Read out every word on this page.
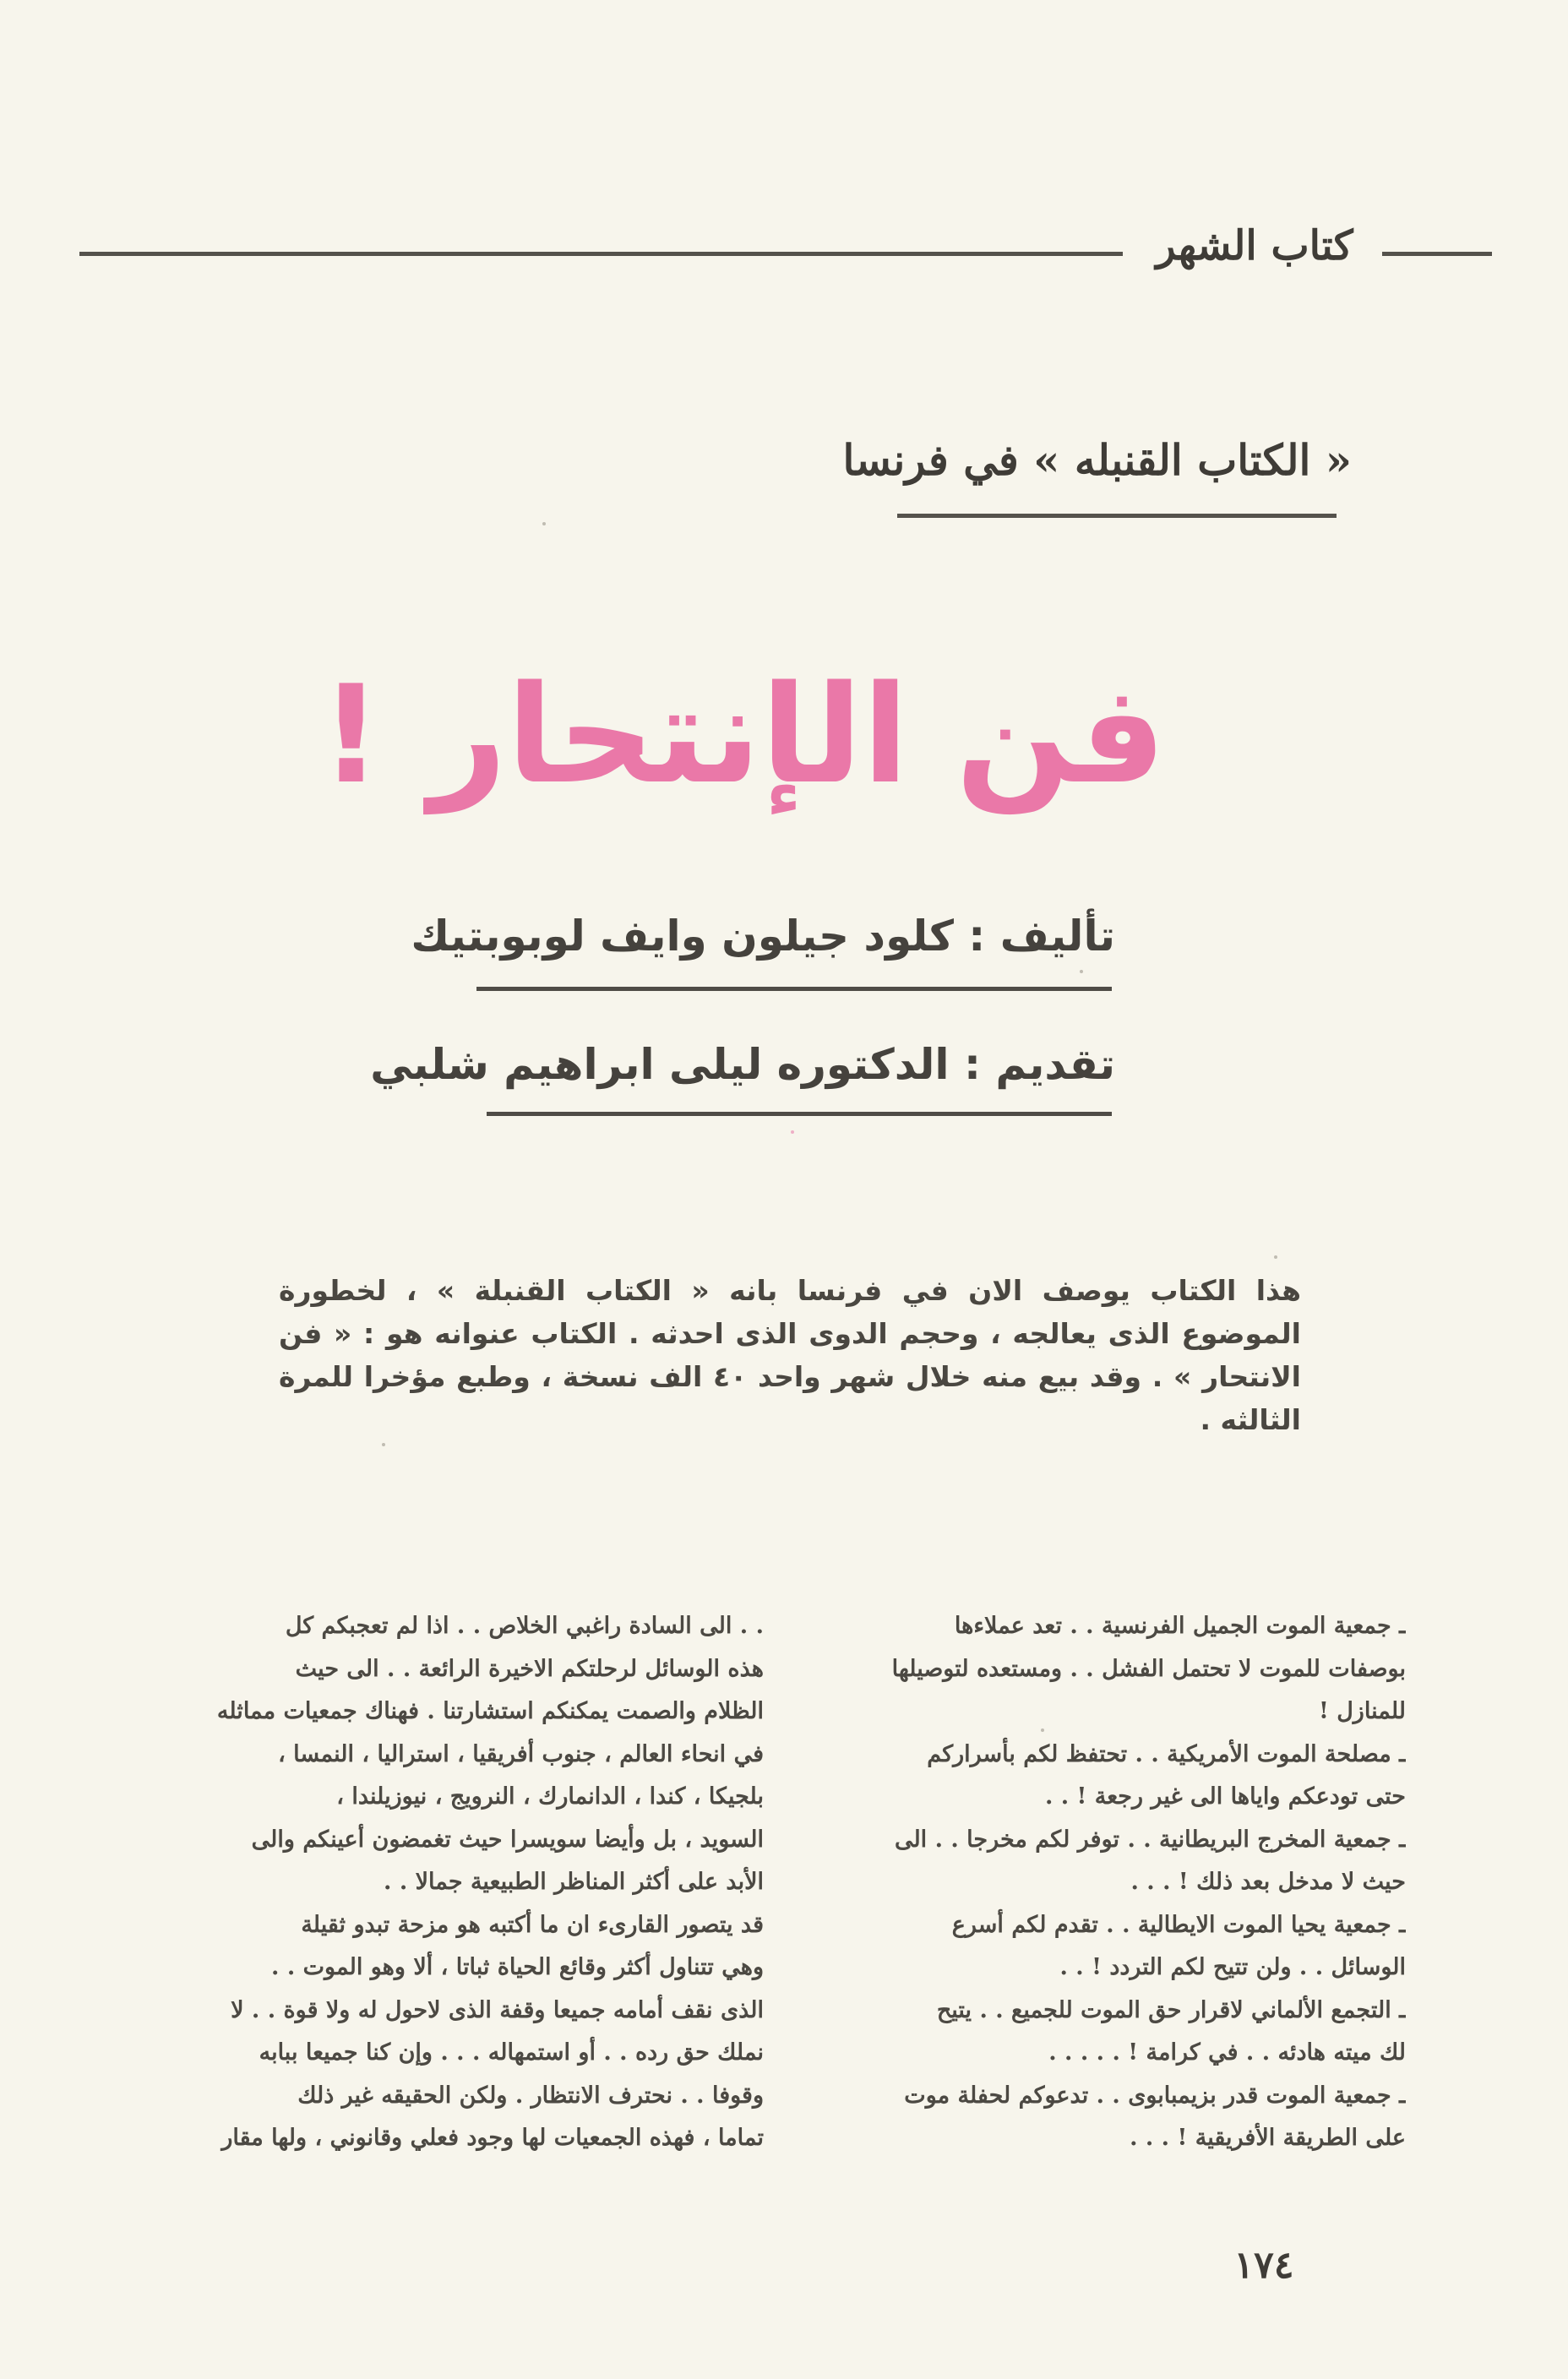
كتاب الشهر
« الكتاب القنبله » في فرنسا
فن الإنتحار !
تأليف : كلود جيلون وايف لوبوبتيك
تقديم : الدكتوره ليلى ابراهيم شلبي
هذا الكتاب يوصف الان في فرنسا بانه « الكتاب القنبلة » ، لخطورة الموضوع الذى يعالجه ، وحجم الدوى الذى احدثه . الكتاب عنوانه هو : « فن الانتحار » . وقد بيع منه خلال شهر واحد ٤٠ الف نسخة ، وطبع مؤخرا للمرة الثالثه .
ـ جمعية الموت الجميل الفرنسية . . تعد عملاءها
بوصفات للموت لا تحتمل الفشل . . ومستعده لتوصيلها
للمنازل !
ـ مصلحة الموت الأمريكية . . تحتفظ لكم بأسراركم
حتى تودعكم واياها الى غير رجعة ! . .
ـ جمعية المخرج البريطانية . . توفر لكم مخرجا . . الى
حيث لا مدخل بعد ذلك ! . . .
ـ جمعية يحيا الموت الايطالية . . تقدم لكم أسرع
الوسائل . . ولن تتيح لكم التردد ! . .
ـ التجمع الألماني لاقرار حق الموت للجميع . . يتيح
لك ميته هادئه . . في كرامة ! . . . . .
ـ جمعية الموت قدر بزيمبابوى . . تدعوكم لحفلة موت
على الطريقة الأفريقية ! . . .
. . الى السادة راغبي الخلاص . . اذا لم تعجبكم كل
هذه الوسائل لرحلتكم الاخيرة الرائعة . . الى حيث
الظلام والصمت يمكنكم استشارتنا . فهناك جمعيات مماثله
في انحاء العالم ، جنوب أفريقيا ، استراليا ، النمسا ،
بلجيكا ، كندا ، الدانمارك ، النرويج ، نيوزيلندا ،
السويد ، بل وأيضا سويسرا حيث تغمضون أعينكم والى
الأبد على أكثر المناظر الطبيعية جمالا . .
قد يتصور القارىء ان ما أكتبه هو مزحة تبدو ثقيلة
وهي تتناول أكثر وقائع الحياة ثباتا ، ألا وهو الموت . .
الذى نقف أمامه جميعا وقفة الذى لاحول له ولا قوة . . لا
نملك حق رده . . أو استمهاله . . . وإن كنا جميعا ببابه
وقوفا . . نحترف الانتظار . ولكن الحقيقه غير ذلك
تماما ، فهذه الجمعيات لها وجود فعلي وقانوني ، ولها مقار
١٧٤
